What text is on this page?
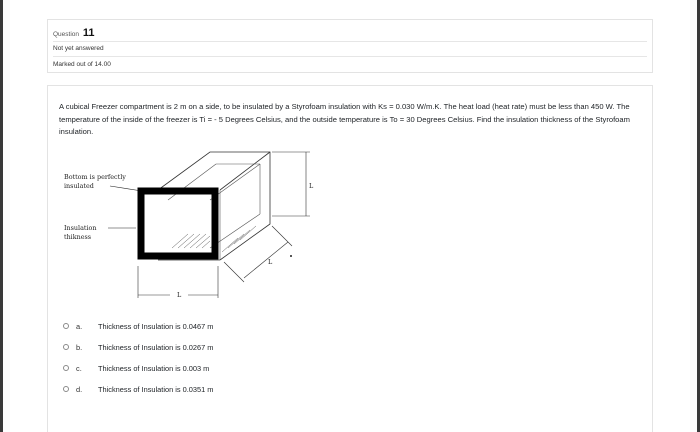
Question 11
Not yet answered
Marked out of 14.00
A cubical Freezer compartment is 2 m on a side, to be insulated by a Styrofoam insulation with Ks = 0.030 W/m.K. The heat load (heat rate) must be less than 450 W. The temperature of the inside of the freezer is Ti = - 5 Degrees Celsius, and the outside temperature is To = 30 Degrees Celsius. Find the insulation thickness of the Styrofoam insulation.
Bottom is perfectly
insulated
Insulation
thikness
L
L
L
a.	Thickness of Insulation is 0.0467 m
b.	Thickness of Insulation is 0.0267 m
c.	Thickness of Insulation is 0.003 m
d.	Thickness of Insulation is 0.0351 m
